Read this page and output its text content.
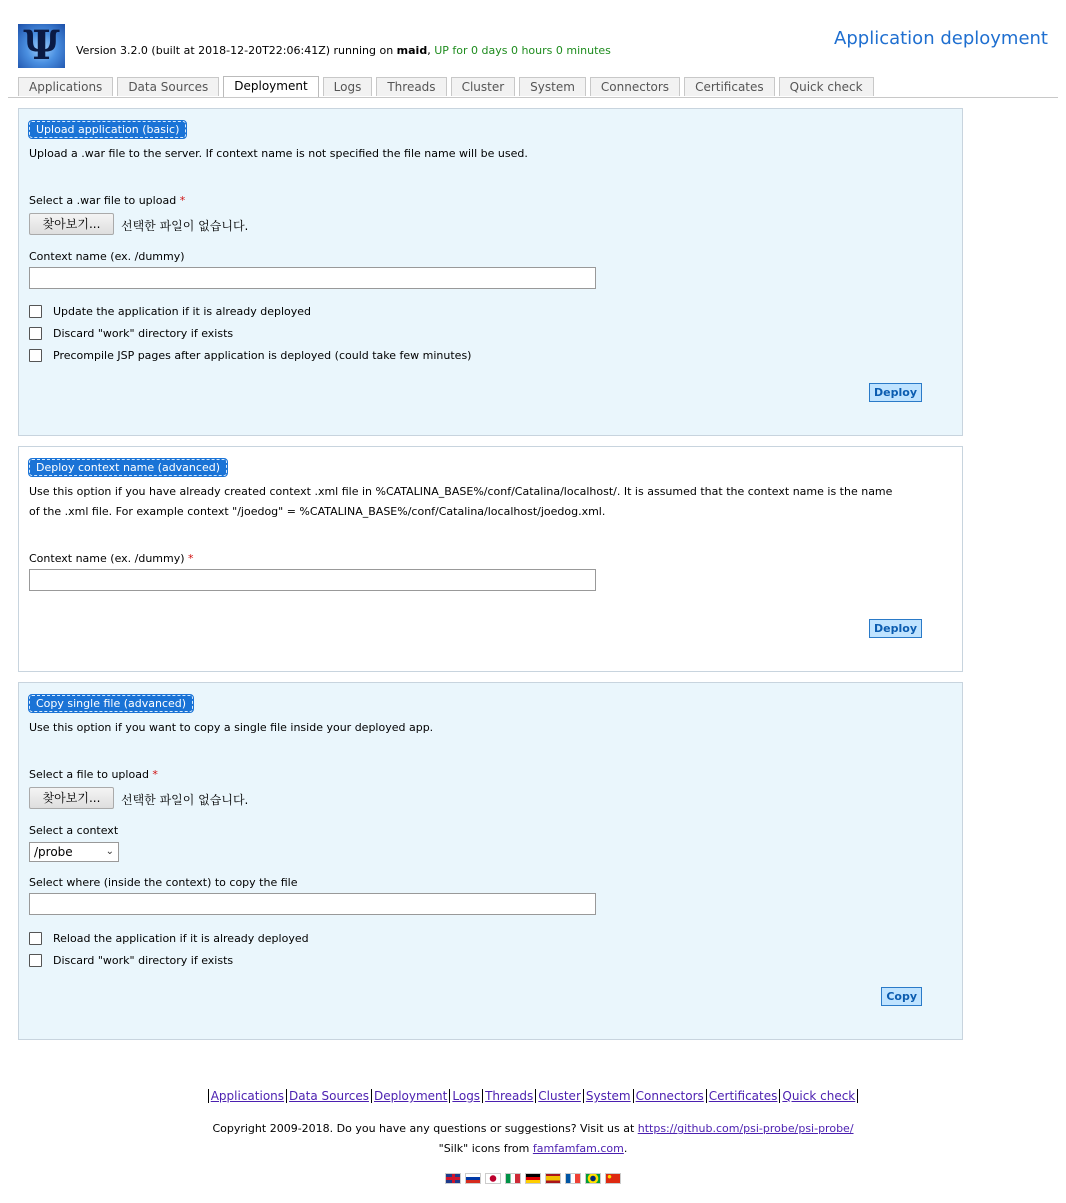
Ψ Version 3.2.0 (built at 2018-12-20T22:06:41Z) running on maid, UP for 0 days 0 hours 0 minutes
Application deployment
Applications	Data Sources	Deployment	Logs	Threads	Cluster	System	Connectors	Certificates	Quick check
Upload application (basic)
Upload a .war file to the server. If context name is not specified the file name will be used.
Select a .war file to upload *
찾아보기...	선택한 파일이 없습니다.
Context name (ex. /dummy)
Update the application if it is already deployed
Discard "work" directory if exists
Precompile JSP pages after application is deployed (could take few minutes)
Deploy
Deploy context name (advanced)
Use this option if you have already created context .xml file in %CATALINA_BASE%/conf/Catalina/localhost/. It is assumed that the context name is the name
of the .xml file. For example context "/joedog" = %CATALINA_BASE%/conf/Catalina/localhost/joedog.xml.
Context name (ex. /dummy) *
Deploy
Copy single file (advanced)
Use this option if you want to copy a single file inside your deployed app.
Select a file to upload *
찾아보기...	선택한 파일이 없습니다.
Select a context
/probe	⌄
Select where (inside the context) to copy the file
Reload the application if it is already deployed
Discard "work" directory if exists
Copy
Applications Data Sources Deployment Logs Threads Cluster System Connectors Certificates Quick check
Copyright 2009-2018. Do you have any questions or suggestions? Visit us at https://github.com/psi-probe/psi-probe/
"Silk" icons from famfamfam.com.
